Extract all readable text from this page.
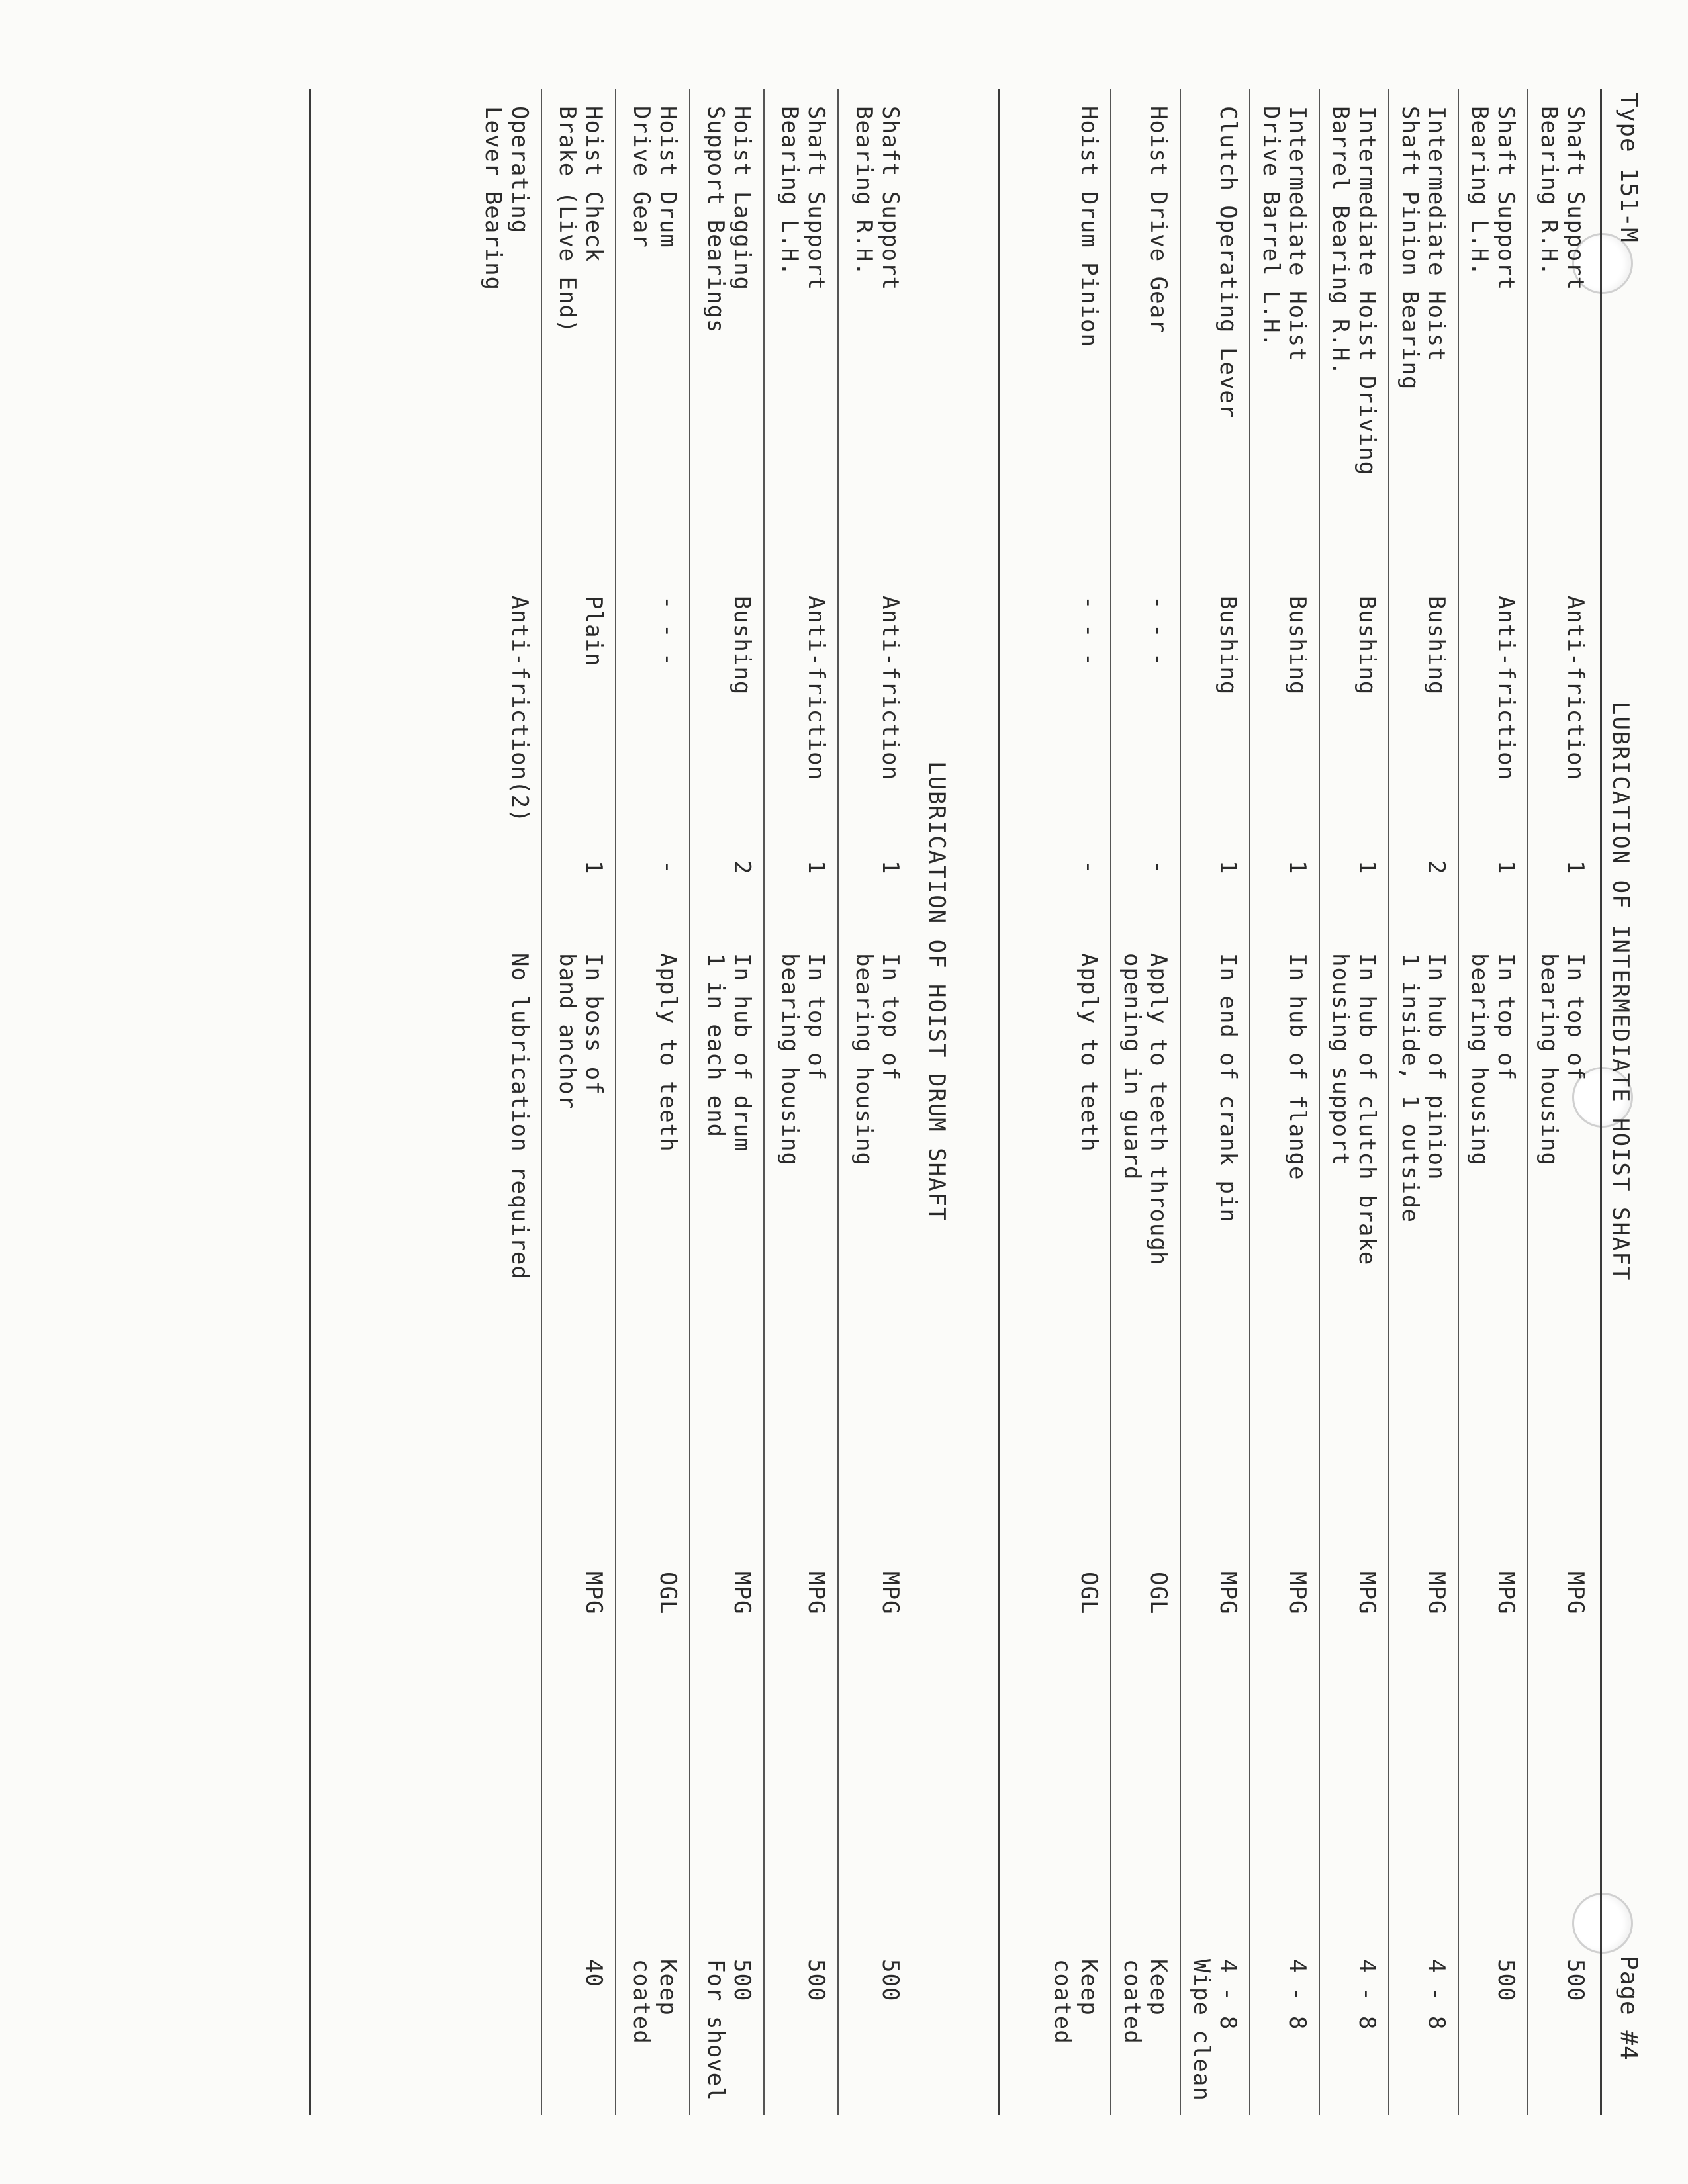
Type 151-M
Page #4
LUBRICATION OF INTERMEDIATE HOIST SHAFT
Shaft Support
Bearing R.H.
Anti-friction
1
In top of
bearing housing
MPG
500
Shaft Support
Bearing L.H.
Anti-friction
1
In top of
bearing housing
MPG
500
Intermediate Hoist
Shaft Pinion Bearing
Bushing
2
In hub of pinion
1 inside, 1 outside
MPG
4 - 8
Intermediate Hoist Driving
Barrel Bearing R.H.
Bushing
1
In hub of clutch brake
housing support
MPG
4 - 8
Intermediate Hoist
Drive Barrel L.H.
Bushing
1
In hub of flange
MPG
4 - 8
Clutch Operating Lever
Bushing
1
In end of crank pin
MPG
4 - 8
Wipe clean
Hoist Drive Gear
- - -
-
Apply to teeth through
opening in guard
OGL
Keep
coated
Hoist Drum Pinion
- - -
-
Apply to teeth
OGL
Keep
coated
LUBRICATION OF HOIST DRUM SHAFT
Shaft Support
Bearing R.H.
Anti-friction
1
In top of
bearing housing
MPG
500
Shaft Support
Bearing L.H.
Anti-friction
1
In top of
bearing housing
MPG
500
Hoist Lagging
Support Bearings
Bushing
2
In hub of drum
1 in each end
MPG
500
For shovel
Hoist Drum
Drive Gear
- - -
-
Apply to teeth
OGL
Keep
coated
Hoist Check
Brake (Live End)
Plain
1
In boss of
band anchor
MPG
40
Operating
Lever Bearing
Anti-friction(2)
No lubrication required
